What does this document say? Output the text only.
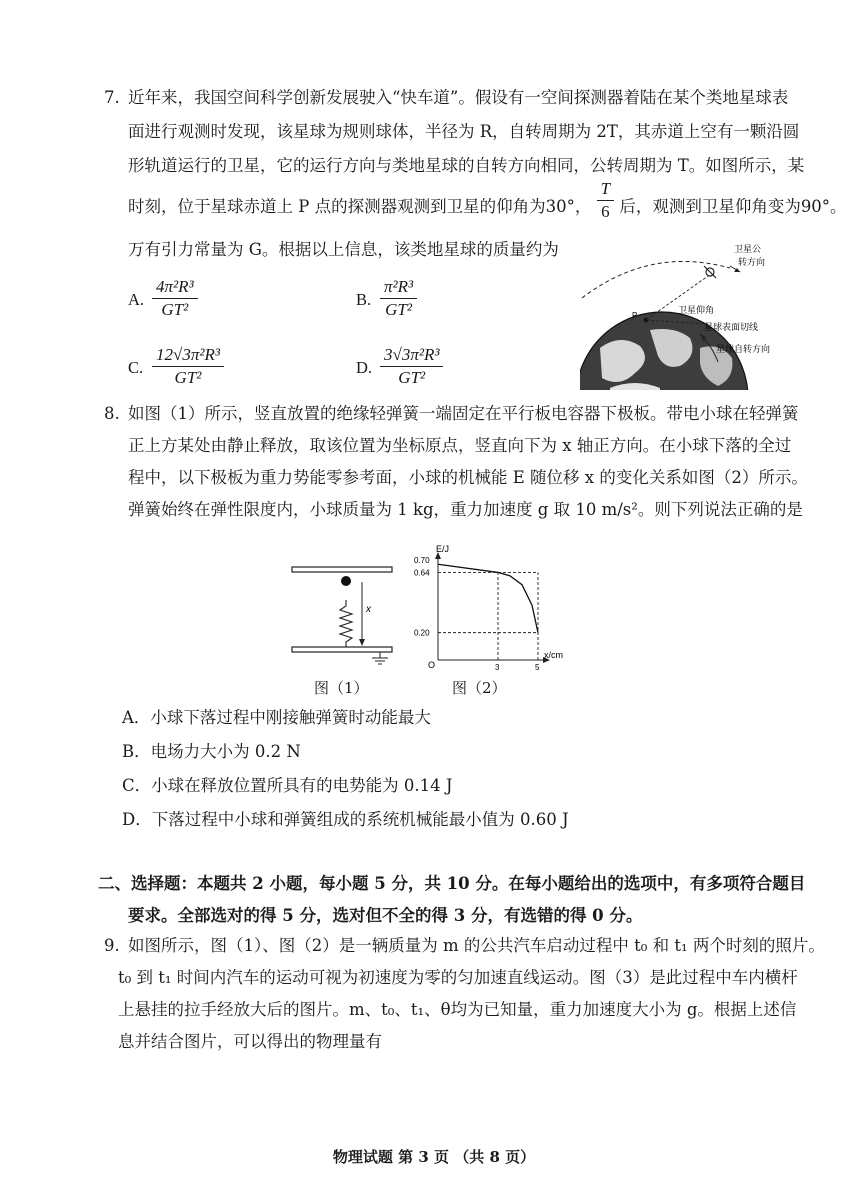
7. 近年来，我国空间科学创新发展驶入“快车道”。假设有一空间探测器着陆在某个类地星球表
面进行观测时发现，该星球为规则球体，半径为 R，自转周期为 2T，其赤道上空有一颗沿圆
形轨道运行的卫星，它的运行方向与类地星球的自转方向相同，公转周期为 T。如图所示，某
时刻，位于星球赤道上 P 点的探测器观测到卫星的仰角为30°， $\frac{T}{6}$ 后，观测到卫星仰角变为90°。
万有引力常量为 G。根据以上信息，该类地星球的质量约为
A. $\frac{\text{4π²R³}}{\text{GT²}}$	B. $\frac{\text{π²R³}}{\text{GT²}}$
C. $\frac{\text{12√3π²R³}}{\text{GT²}}$	D. $\frac{\text{3√3π²R³}}{\text{GT²}}$
P
卫星公
转方向
卫星仰角
星球表面切线
星球自转方向
8. 如图（1）所示，竖直放置的绝缘轻弹簧一端固定在平行板电容器下极板。带电小球在轻弹簧
正上方某处由静止释放，取该位置为坐标原点，竖直向下为 x 轴正方向。在小球下落的全过
程中，以下极板为重力势能零参考面，小球的机械能 E 随位移 x 的变化关系如图（2）所示。
弹簧始终在弹性限度内，小球质量为 1 kg，重力加速度 g 取 10 m/s²。则下列说法正确的是
x
图（1）
E/J
x/cm
O
0.70
0.64
0.20
3	5
图（2）
A．小球下落过程中刚接触弹簧时动能最大
B．电场力大小为 0.2 N
C．小球在释放位置所具有的电势能为 0.14 J
D．下落过程中小球和弹簧组成的系统机械能最小值为 0.60 J
二、选择题：本题共 2 小题，每小题 5 分，共 10 分。在每小题给出的选项中，有多项符合题目
要求。全部选对的得 5 分，选对但不全的得 3 分，有选错的得 0 分。
9. 如图所示，图（1）、图（2）是一辆质量为 m 的公共汽车启动过程中 t₀ 和 t₁ 两个时刻的照片。
t₀ 到 t₁ 时间内汽车的运动可视为初速度为零的匀加速直线运动。图（3）是此过程中车内横杆
上悬挂的拉手经放大后的图片。m、t₀、t₁、θ均为已知量，重力加速度大小为 g。根据上述信
息并结合图片，可以得出的物理量有
物理试题 第 3 页 （共 8 页）
